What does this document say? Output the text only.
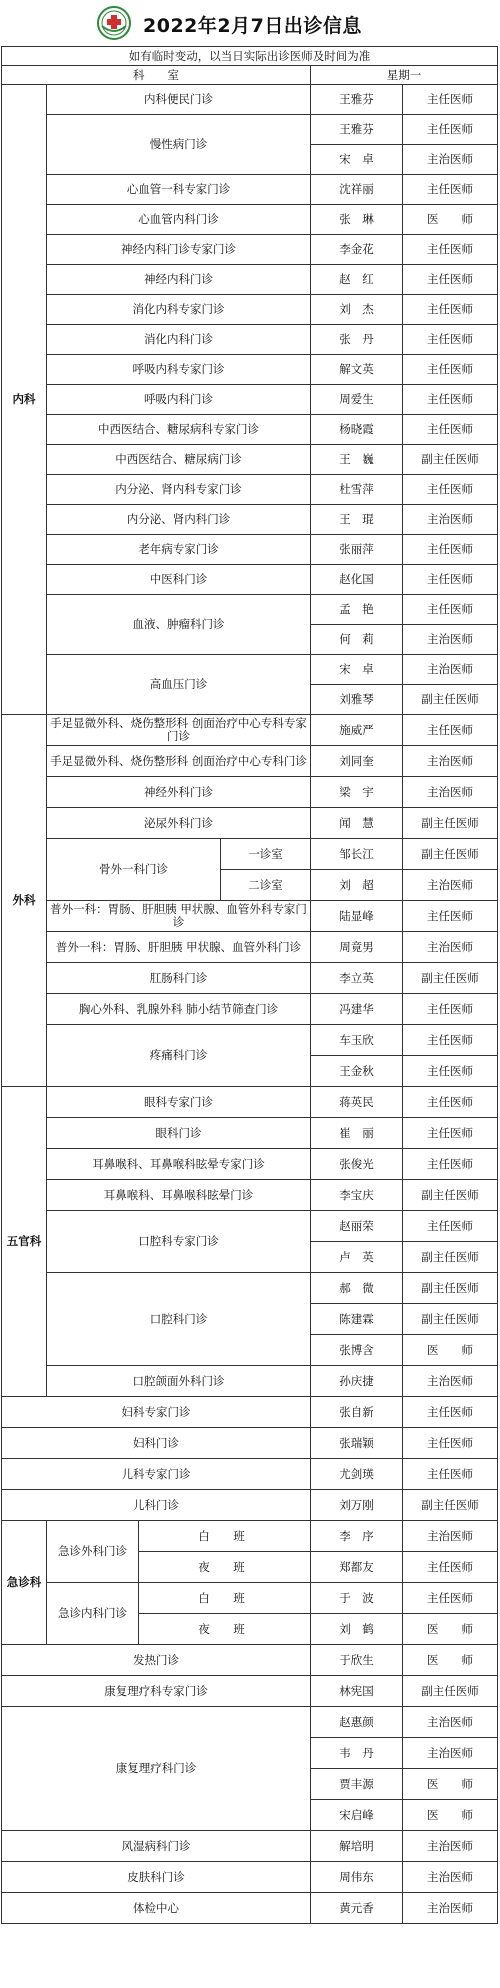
2022年2月7日出诊信息
如有临时变动，以当日实际出诊医师及时间为准					
科　　室				星期一	
内科	内科便民门诊			王雅芬	主任医师
	慢性病门诊			王雅芬	主任医师
				宋　卓	主治医师
	心血管一科专家门诊			沈祥丽	主任医师
	心血管内科门诊			张　琳	医　　师
	神经内科门诊专家门诊			李金花	主任医师
	神经内科门诊			赵　红	主任医师
	消化内科专家门诊			刘　杰	主任医师
	消化内科门诊			张　丹	主任医师
	呼吸内科专家门诊			解文英	主任医师
	呼吸内科门诊			周爱生	主任医师
	中西医结合、糖尿病科专家门诊			杨晓霞	主任医师
	中西医结合、糖尿病门诊			王　巍	副主任医师
	内分泌、肾内科专家门诊			杜雪萍	主任医师
	内分泌、肾内科门诊			王　琨	主治医师
	老年病专家门诊			张丽萍	主任医师
	中医科门诊			赵化国	主任医师
	血液、肿瘤科门诊			孟　艳	主任医师
				何　莉	主治医师
	高血压门诊			宋　卓	主治医师
				刘雅琴	副主任医师
外科	手足显微外科、烧伤整形科 创面治疗中心专科专家门诊			施威严	主任医师
	手足显微外科、烧伤整形科 创面治疗中心专科门诊			刘同奎	主治医师
	神经外科门诊			梁　宇	主治医师
	泌尿外科门诊			闻　慧	副主任医师
	骨外一科门诊		一诊室	邹长江	副主任医师
			二诊室	刘　超	主治医师
	普外一科：胃肠、肝胆胰 甲状腺、血管外科专家门诊			陆显峰	主任医师
	普外一科：胃肠、肝胆胰 甲状腺、血管外科门诊			周竟男	主治医师
	肛肠科门诊			李立英	副主任医师
	胸心外科、乳腺外科 肺小结节筛查门诊			冯建华	主任医师
	疼痛科门诊			车玉欣	主任医师
				王金秋	主任医师
五官科	眼科专家门诊			蒋英民	主任医师
	眼科门诊			崔　丽	主任医师
	耳鼻喉科、耳鼻喉科眩晕专家门诊			张俊光	主任医师
	耳鼻喉科、耳鼻喉科眩晕门诊			李宝庆	副主任医师
	口腔科专家门诊			赵丽荣	主任医师
				卢　英	副主任医师
	口腔科门诊			郝　微	副主任医师
				陈建霖	副主任医师
				张博含	医　　师
	口腔颌面外科门诊			孙庆捷	主治医师
妇科专家门诊				张自新	主任医师
妇科门诊				张瑞颖	主任医师
儿科专家门诊				尤剑瑛	主任医师
儿科门诊				刘万刚	副主任医师
急诊科	急诊外科门诊	白　班		李　序	主治医师
		夜　班		郑都友	主任医师
	急诊内科门诊	白　班		于　波	主任医师
		夜　班		刘　鹤	医　　师
发热门诊				于欣生	医　　师
康复理疗科专家门诊				林宪国	副主任医师
康复理疗科门诊				赵惠颜	主治医师
				韦　丹	主治医师
				贾丰源	医　　师
				宋启峰	医　　师
风湿病科门诊				解培明	主治医师
皮肤科门诊				周伟东	主治医师
体检中心				黄元香	主治医师
